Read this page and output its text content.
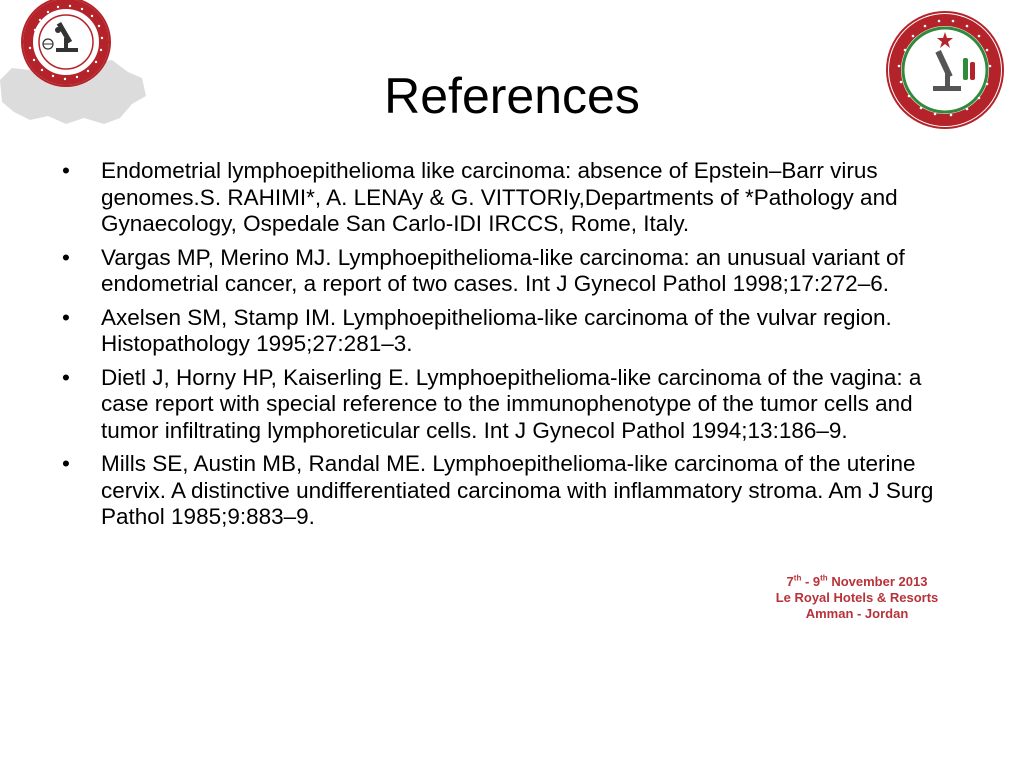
References
•	Endometrial lymphoepithelioma like carcinoma: absence of Epstein–Barr virus genomes.S. RAHIMI*, A. LENAy & G. VITTORIy,Departments of *Pathology and Gynaecology, Ospedale San Carlo-IDI IRCCS, Rome, Italy.
•	Vargas MP, Merino MJ. Lymphoepithelioma-like carcinoma: an unusual variant of endometrial cancer, a report of two cases. Int J Gynecol Pathol 1998;17:272–6.
•	Axelsen SM, Stamp IM. Lymphoepithelioma-like carcinoma of the vulvar region. Histopathology 1995;27:281–3.
•	Dietl J, Horny HP, Kaiserling E. Lymphoepithelioma-like carcinoma of the vagina: a case report with special reference to the immunophenotype of the tumor cells and tumor infiltrating lymphoreticular cells. Int J Gynecol Pathol 1994;13:186–9.
•	Mills SE, Austin MB, Randal ME. Lymphoepithelioma-like carcinoma of the uterine cervix. A distinctive undifferentiated carcinoma with inflammatory stroma. Am J Surg Pathol 1985;9:883–9.
7th - 9th November 2013
Le Royal Hotels & Resorts
Amman - Jordan
